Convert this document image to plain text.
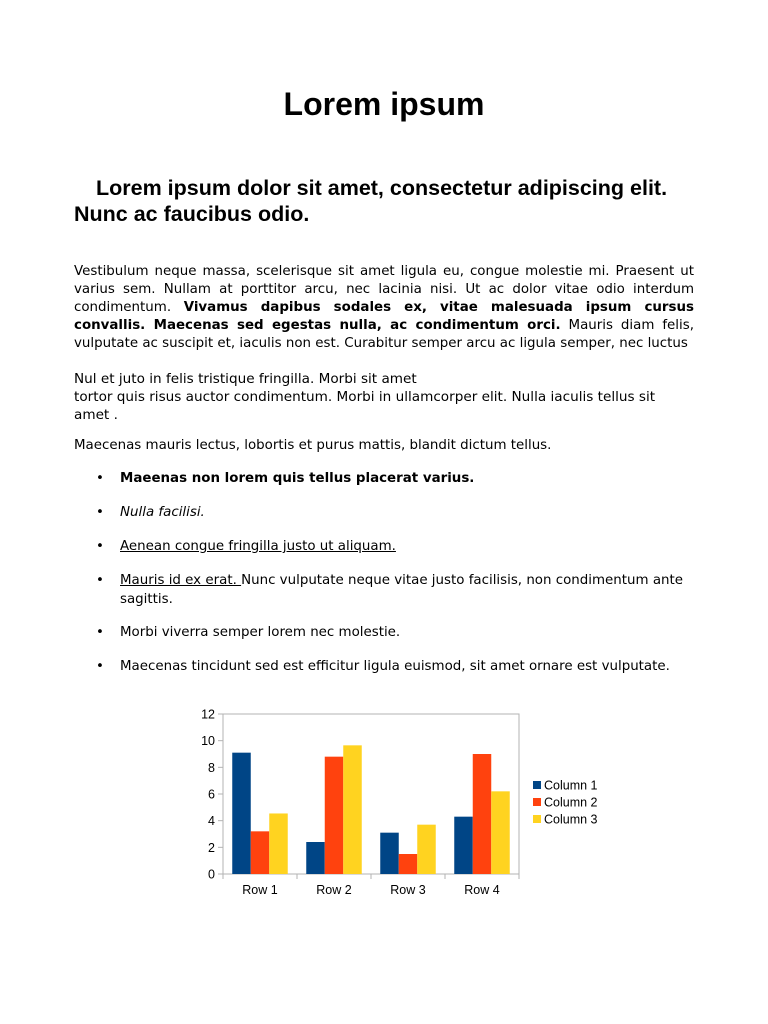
Lorem ipsum
Lorem ipsum dolor sit amet, consectetur adipiscing elit. Nunc ac faucibus odio.

Vestibulum neque massa, scelerisque sit amet ligula eu, congue molestie mi. Praesent ut varius sem. Nullam at porttitor arcu, nec lacinia nisi. Ut ac dolor vitae odio interdum condimentum. Vivamus dapibus sodales ex, vitae malesuada ipsum cursus convallis. Maecenas sed egestas nulla, ac condimentum orci. Mauris diam felis, vulputate ac suscipit et, iaculis non est. Curabitur semper arcu ac ligula semper, nec luctus

Nul et juto in felis tristique fringilla. Morbi sit amet
tortor quis risus auctor condimentum. Morbi in ullamcorper elit. Nulla iaculis tellus sit amet .

Maecenas mauris lectus, lobortis et purus mattis, blandit dictum tellus.

• Maeenas non lorem quis tellus placerat varius.
• Nulla facilisi.
• Aenean congue fringilla justo ut aliquam.
• Mauris id ex erat. Nunc vulputate neque vitae justo facilisis, non condimentum ante sagittis.
• Morbi viverra semper lorem nec molestie.
• Maecenas tincidunt sed est efficitur ligula euismod, sit amet ornare est vulputate.
0
2
4
6
8
10
12
Row 1	Row 2	Row 3	Row 4
Column 1
Column 2
Column 3
